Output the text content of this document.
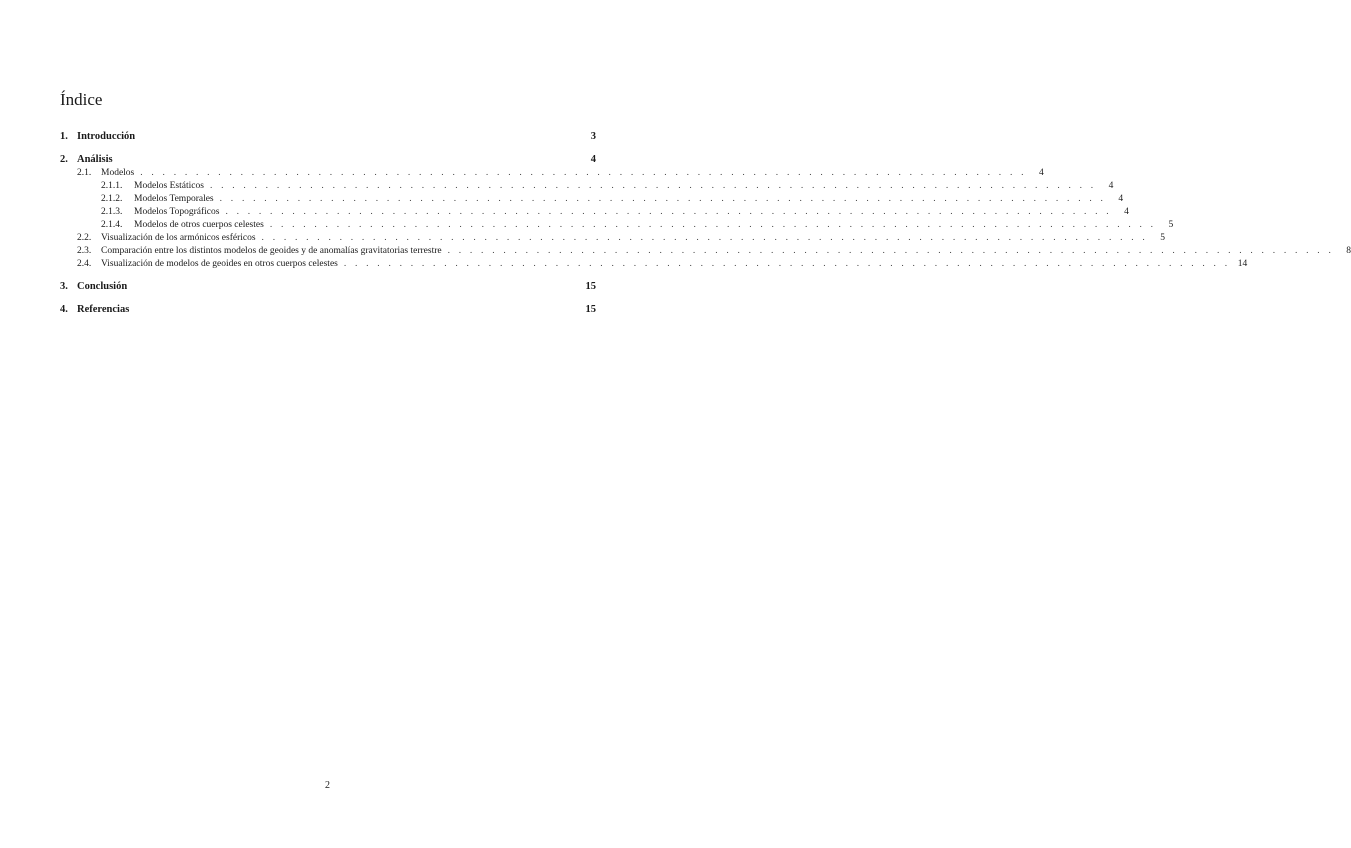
Índice
1. Introducción	3
2. Análisis	4
2.1.	Modelos . . . . . . . . . . . . . . . . . . . . . . . . . . . . . . . . . . . . . . . . . . . . . . . . . . . . . . . . . . . . . . . . . . . . . . . . . . . . . . . .	4
2.1.1.	Modelos Estáticos . . . . . . . . . . . . . . . . . . . . . . . . . . . . . . . . . . . . . . . . . . . . . . . . . . . . . . . . . . . . . . . . . . . . . . . . . . . . . . . .	4
2.1.2.	Modelos Temporales . . . . . . . . . . . . . . . . . . . . . . . . . . . . . . . . . . . . . . . . . . . . . . . . . . . . . . . . . . . . . . . . . . . . . . . . . . . . . . . .	4
2.1.3.	Modelos Topográficos . . . . . . . . . . . . . . . . . . . . . . . . . . . . . . . . . . . . . . . . . . . . . . . . . . . . . . . . . . . . . . . . . . . . . . . . . . . . . . . .	4
2.1.4.	Modelos de otros cuerpos celestes . . . . . . . . . . . . . . . . . . . . . . . . . . . . . . . . . . . . . . . . . . . . . . . . . . . . . . . . . . . . . . . . . . . . . . . . . . . . . . . .	5
2.2.	Visualización de los armónicos esféricos . . . . . . . . . . . . . . . . . . . . . . . . . . . . . . . . . . . . . . . . . . . . . . . . . . . . . . . . . . . . . . . . . . . . . . . . . . . . . . . .	5
2.3.	Comparación entre los distintos modelos de geoides y de anomalías gravitatorias terrestre . . . . . . . . . . . . . . . . . . . . . . . . . . . . . . . . . . . . . . . . . . . . . . . . . . . . . . . . . . . . . . . . . . . . . . . . . . . . . . . .	8
2.4.	Visualización de modelos de geoides en otros cuerpos celestes . . . . . . . . . . . . . . . . . . . . . . . . . . . . . . . . . . . . . . . . . . . . . . . . . . . . . . . . . . . . . . . . . . . . . . . . . . . . . . . . 14
3. Conclusión	15
4. Referencias	15
2
